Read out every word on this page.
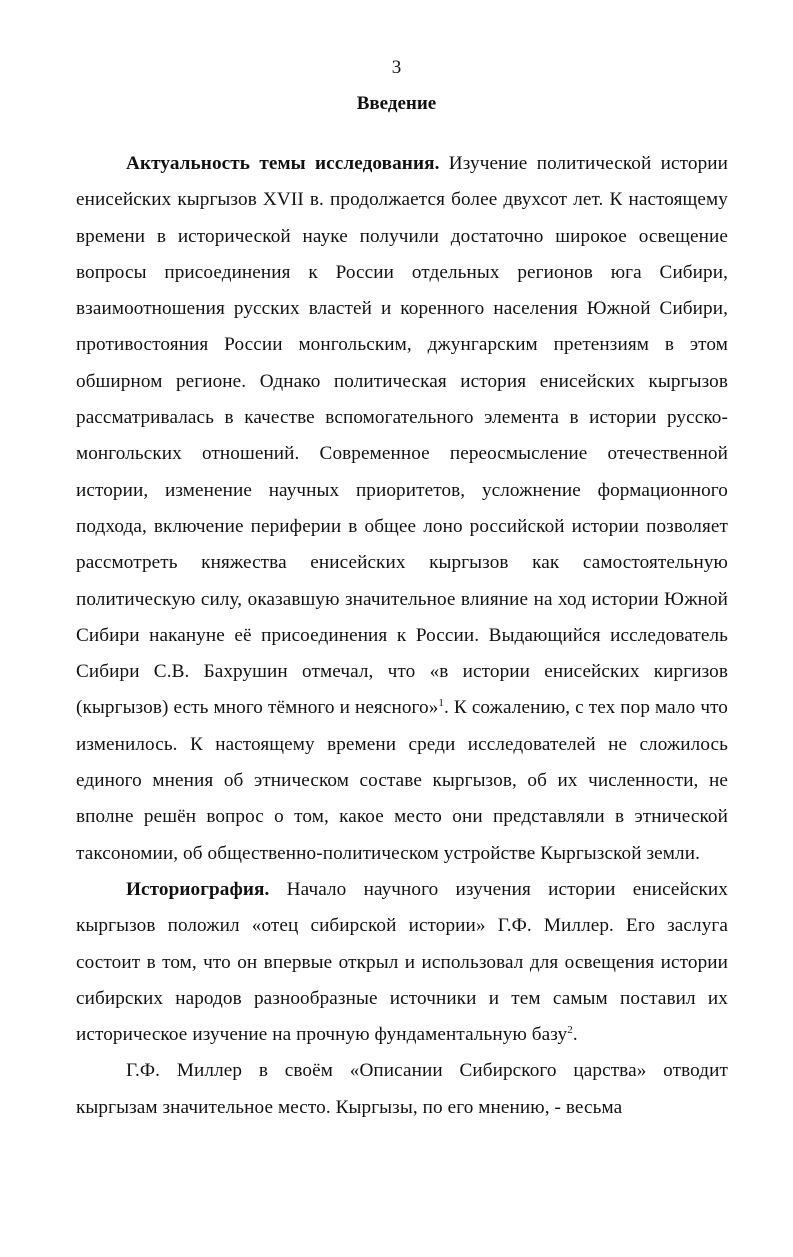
3
Введение

Актуальность темы исследования. Изучение политической истории енисейских кыргызов XVII в. продолжается более двухсот лет. К настоящему времени в исторической науке получили достаточно широкое освещение вопросы присоединения к России отдельных регионов юга Сибири, взаимоотношения русских властей и коренного населения Южной Сибири, противостояния России монгольским, джунгарским претензиям в этом обширном регионе. Однако политическая история енисейских кыргызов рассматривалась в качестве вспомогательного элемента в истории русско-монгольских отношений. Современное переосмысление отечественной истории, изменение научных приоритетов, усложнение формационного подхода, включение периферии в общее лоно российской истории позволяет рассмотреть княжества енисейских кыргызов как самостоятельную политическую силу, оказавшую значительное влияние на ход истории Южной Сибири накануне её присоединения к России. Выдающийся исследователь Сибири С.В. Бахрушин отмечал, что «в истории енисейских киргизов (кыргызов) есть много тёмного и неясного»$^1$. К сожалению, с тех пор мало что изменилось. К настоящему времени среди исследователей не сложилось единого мнения об этническом составе кыргызов, об их численности, не вполне решён вопрос о том, какое место они представляли в этнической таксономии, об общественно-политическом устройстве Кыргызской земли.

Историография. Начало научного изучения истории енисейских кыргызов положил «отец сибирской истории» Г.Ф. Миллер. Его заслуга состоит в том, что он впервые открыл и использовал для освещения истории сибирских народов разнообразные источники и тем самым поставил их историческое изучение на прочную фундаментальную базу$^2$.

Г.Ф. Миллер в своём «Описании Сибирского царства» отводит кыргызам значительное место. Кыргызы, по его мнению, - весьма
